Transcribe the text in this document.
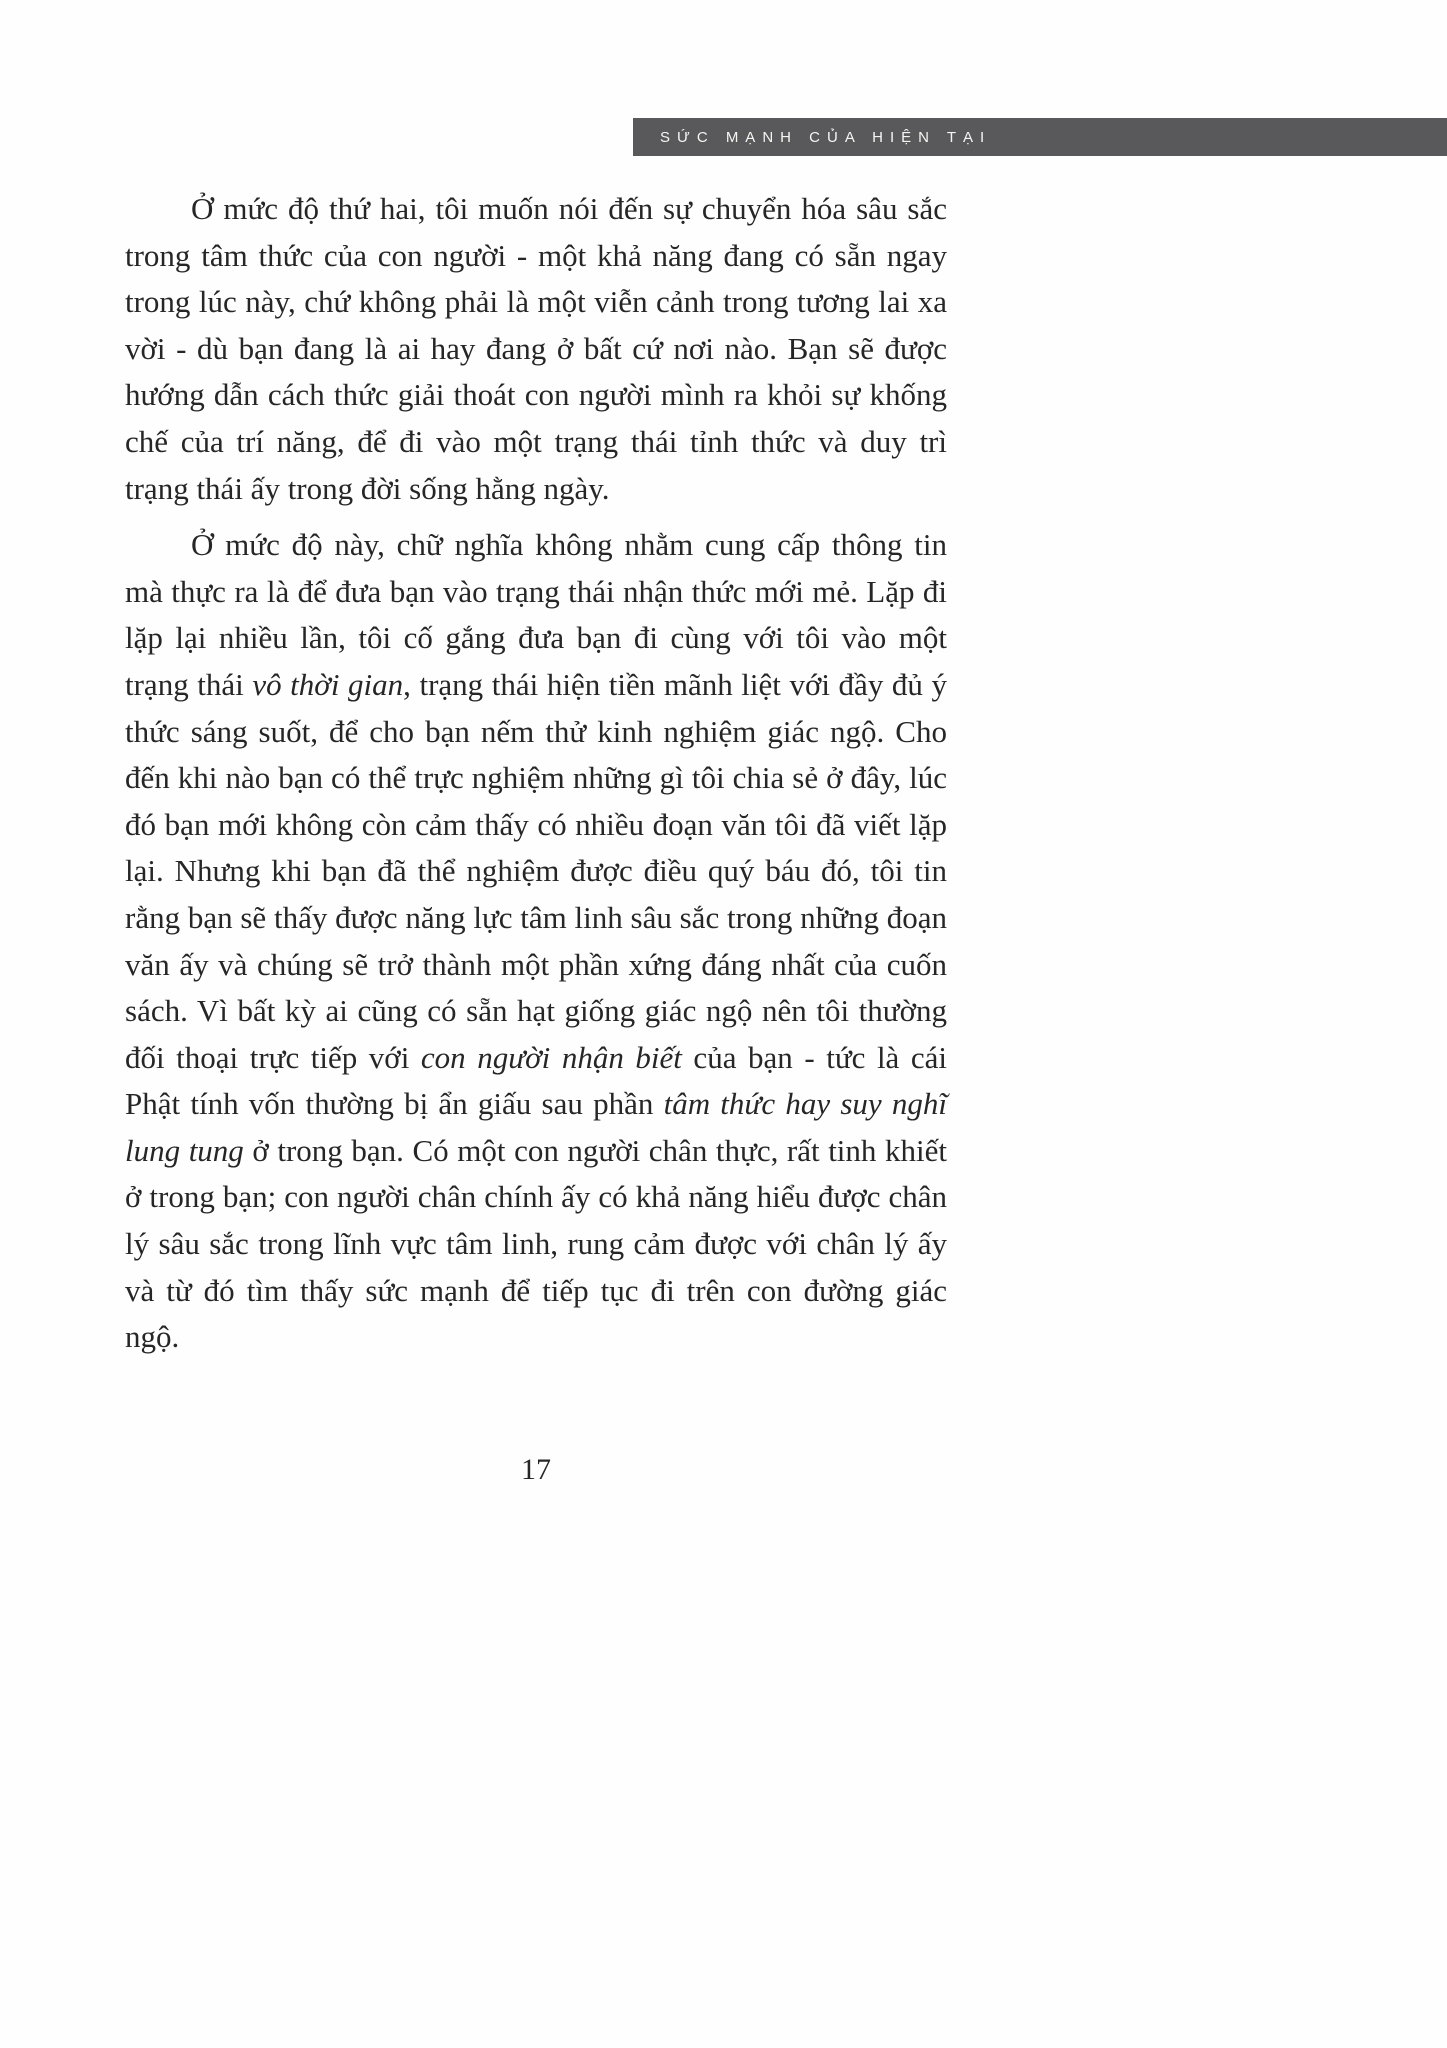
SỨC MẠNH CỦA HIỆN TẠI

Ở mức độ thứ hai, tôi muốn nói đến sự chuyển hóa sâu sắc trong tâm thức của con người - một khả năng đang có sẵn ngay trong lúc này, chứ không phải là một viễn cảnh trong tương lai xa vời - dù bạn đang là ai hay đang ở bất cứ nơi nào. Bạn sẽ được hướng dẫn cách thức giải thoát con người mình ra khỏi sự khống chế của trí năng, để đi vào một trạng thái tỉnh thức và duy trì trạng thái ấy trong đời sống hằng ngày.

Ở mức độ này, chữ nghĩa không nhằm cung cấp thông tin mà thực ra là để đưa bạn vào trạng thái nhận thức mới mẻ. Lặp đi lặp lại nhiều lần, tôi cố gắng đưa bạn đi cùng với tôi vào một trạng thái vô thời gian, trạng thái hiện tiền mãnh liệt với đầy đủ ý thức sáng suốt, để cho bạn nếm thử kinh nghiệm giác ngộ. Cho đến khi nào bạn có thể trực nghiệm những gì tôi chia sẻ ở đây, lúc đó bạn mới không còn cảm thấy có nhiều đoạn văn tôi đã viết lặp lại. Nhưng khi bạn đã thể nghiệm được điều quý báu đó, tôi tin rằng bạn sẽ thấy được năng lực tâm linh sâu sắc trong những đoạn văn ấy và chúng sẽ trở thành một phần xứng đáng nhất của cuốn sách. Vì bất kỳ ai cũng có sẵn hạt giống giác ngộ nên tôi thường đối thoại trực tiếp với con người nhận biết của bạn - tức là cái Phật tính vốn thường bị ẩn giấu sau phần tâm thức hay suy nghĩ lung tung ở trong bạn. Có một con người chân thực, rất tinh khiết ở trong bạn; con người chân chính ấy có khả năng hiểu được chân lý sâu sắc trong lĩnh vực tâm linh, rung cảm được với chân lý ấy và từ đó tìm thấy sức mạnh để tiếp tục đi trên con đường giác ngộ.

17
